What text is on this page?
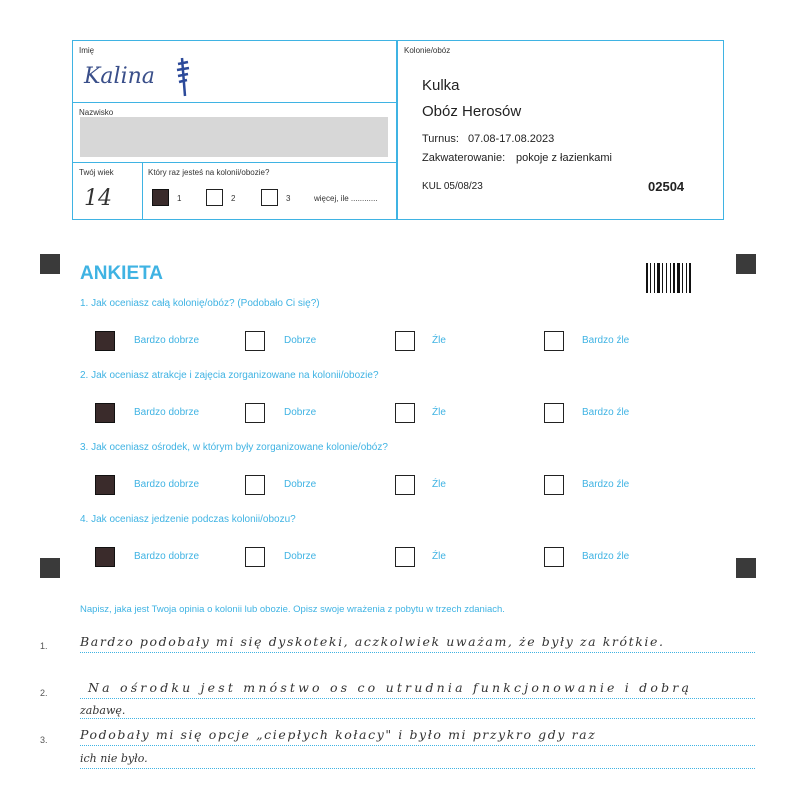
Imię
Kalina
Nazwisko
Twój wiek
14
Który raz jesteś na kolonii/obozie?
1	2	3	więcej, ile ............
Kolonie/obóz
Kulka
Obóz Herosów
Turnus: 07.08-17.08.2023
Zakwaterowanie: pokoje z łazienkami
KUL 05/08/23	02504
ANKIETA
1. Jak oceniasz całą kolonię/obóz? (Podobało Ci się?)
Bardzo dobrze	Dobrze	Źle	Bardzo źle
2. Jak oceniasz atrakcje i zajęcia zorganizowane na kolonii/obozie?
Bardzo dobrze	Dobrze	Źle	Bardzo źle
3. Jak oceniasz ośrodek, w którym były zorganizowane kolonie/obóz?
Bardzo dobrze	Dobrze	Źle	Bardzo źle
4. Jak oceniasz jedzenie podczas kolonii/obozu?
Bardzo dobrze	Dobrze	Źle	Bardzo źle
Napisz, jaka jest Twoja opinia o kolonii lub obozie. Opisz swoje wrażenia z pobytu w trzech zdaniach.
1.	Bardzo podobały mi się dyskoteki, aczkolwiek uważam, że były za krótkie.
2.	Na ośrodku jest mnóstwo os co utrudnia funkcjonowanie i dobrą
zabawę.
3.	Podobały mi się opcje „ciepłych kołacy" i było mi przykro gdy raz
ich nie było.
